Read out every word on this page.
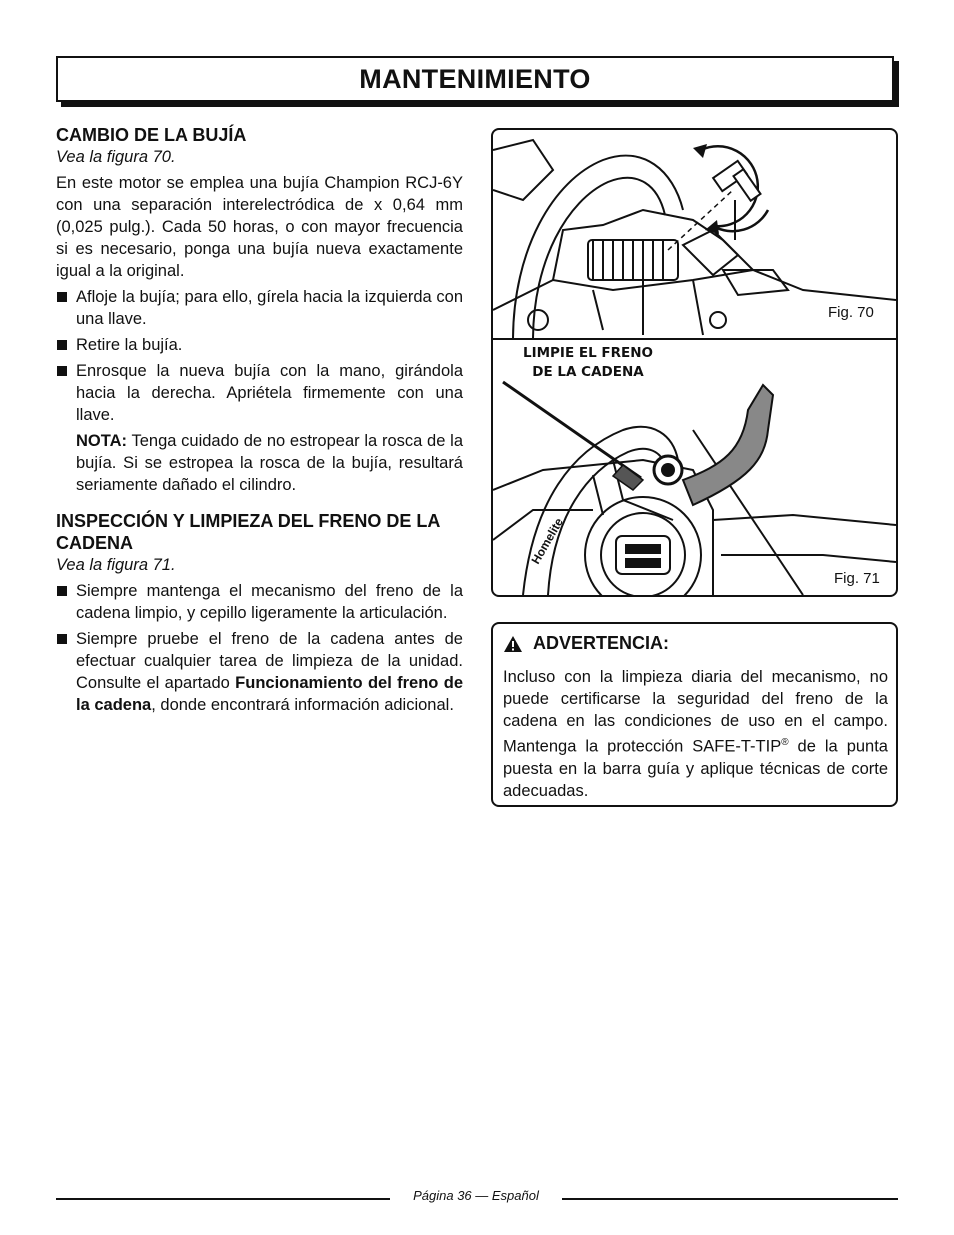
MANTENIMIENTO
CAMBIO DE LA BUJÍA
Vea la figura 70.

En este motor se emplea una bujía Champion RCJ-6Y con una separación interelectródica de x 0,64 mm (0,025 pulg.). Cada 50 horas, o con mayor frecuencia si es necesario, ponga una bujía nueva exactamente igual a la original.

Afloje la bujía; para ello, gírela hacia la izquierda con una llave.
Retire la bujía.
Enrosque la nueva bujía con la mano, girándola hacia la derecha. Apriétela firmemente con una llave.

NOTA: Tenga cuidado de no estropear la rosca de la bujía. Si se estropea la rosca de la bujía, resultará seriamente dañado el cilindro.

INSPECCIÓN Y LIMPIEZA DEL FRENO DE LA CADENA
Vea la figura 71.
Siempre mantenga el mecanismo del freno de la cadena limpio, y cepillo ligeramente la articulación.
Siempre pruebe el freno de la cadena antes de efectuar cualquier tarea de limpieza de la unidad. Consulte el apartado Funcionamiento del freno de la cadena, donde encontrará información adicional.
Fig. 70
LIMPIE EL FRENO
DE LA CADENA
Homelite
Fig. 71
ADVERTENCIA:
Incluso con la limpieza diaria del mecanismo, no puede certificarse la seguridad del freno de la cadena en las condiciones de uso en el campo. Mantenga la protección SAFE-T-TIP® de la punta puesta en la barra guía y aplique técnicas de corte adecuadas.
Página 36 — Español
